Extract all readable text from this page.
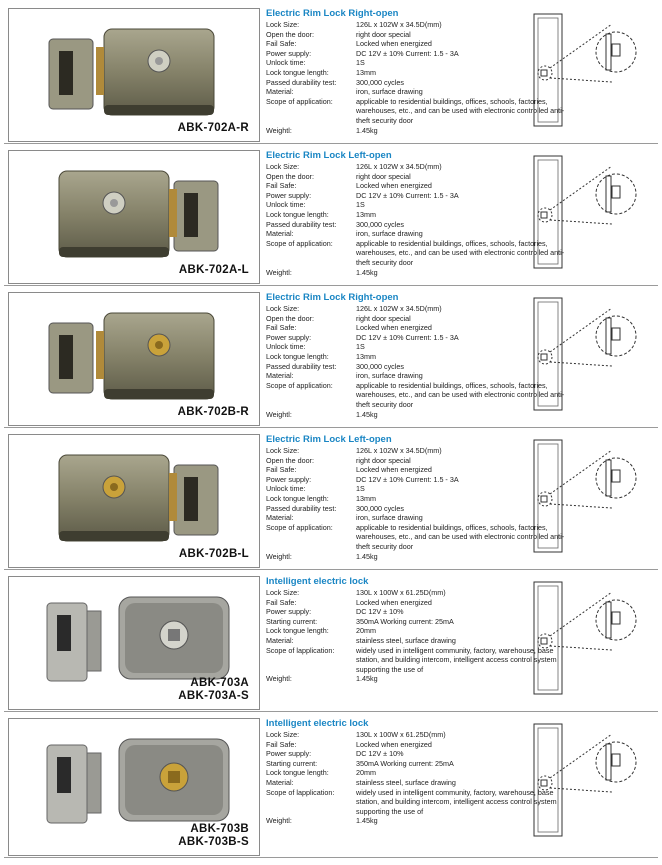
ABK-702A-R
Electric Rim Lock Right-open
Lock Size:	126L x 102W x 34.5D(mm)
Open the door:	right door special
Fail Safe:	Locked when energized
Power supply:	DC 12V ± 10% Current: 1.5 - 3A
Unlock time:	1S
Lock tongue length:	13mm
Passed durability test:	300,000 cycles
Material:	iron, surface drawing
Scope of application:	applicable to residential buildings, offices, schools, factories, warehouses, etc., and can be used with electronic controlled anti-theft security door
Weightl:	1.45kg
ABK-702A-L
Electric Rim Lock Left-open
Lock Size:	126L x 102W x 34.5D(mm)
Open the door:	right door special
Fail Safe:	Locked when energized
Power supply:	DC 12V ± 10% Current: 1.5 - 3A
Unlock time:	1S
Lock tongue length:	13mm
Passed durability test:	300,000 cycles
Material:	iron, surface drawing
Scope of application:	applicable to residential buildings, offices, schools, factories, warehouses, etc., and can be used with electronic controlled anti-theft security door
Weightl:	1.45kg
ABK-702B-R
Electric Rim Lock Right-open
Lock Size:	126L x 102W x 34.5D(mm)
Open the door:	right door special
Fail Safe:	Locked when energized
Power supply:	DC 12V ± 10% Current: 1.5 - 3A
Unlock time:	1S
Lock tongue length:	13mm
Passed durability test:	300,000 cycles
Material:	iron, surface drawing
Scope of application:	applicable to residential buildings, offices, schools, factories, warehouses, etc., and can be used with electronic controlled anti-theft security door
Weightl:	1.45kg
ABK-702B-L
Electric Rim Lock Left-open
Lock Size:	126L x 102W x 34.5D(mm)
Open the door:	right door special
Fail Safe:	Locked when energized
Power supply:	DC 12V ± 10% Current: 1.5 - 3A
Unlock time:	1S
Lock tongue length:	13mm
Passed durability test:	300,000 cycles
Material:	iron, surface drawing
Scope of application:	applicable to residential buildings, offices, schools, factories, warehouses, etc., and can be used with electronic controlled anti-theft security door
Weightl:	1.45kg
ABK-703A
ABK-703A-S
Intelligent electric lock
Lock Size:	130L x 100W x 61.25D(mm)
Fail Safe:	Locked when energized
Power supply:	DC 12V ± 10%
Starting current:	350mA Working current: 25mA
Lock tongue length:	20mm
Material:	stainless steel, surface drawing
Scope of lapplication:	widely used in intelligent community, factory, warehouse, base station, and building intercom, intelligent access control system supporting the use of
Weightl:	1.45kg
ABK-703B
ABK-703B-S
Intelligent electric lock
Lock Size:	130L x 100W x 61.25D(mm)
Fail Safe:	Locked when energized
Power supply:	DC 12V ± 10%
Starting current:	350mA Working current: 25mA
Lock tongue length:	20mm
Material:	stainless steel, surface drawing
Scope of lapplication:	widely used in intelligent community, factory, warehouse, base station, and building intercom, intelligent access control system supporting the use of
Weightl:	1.45kg
